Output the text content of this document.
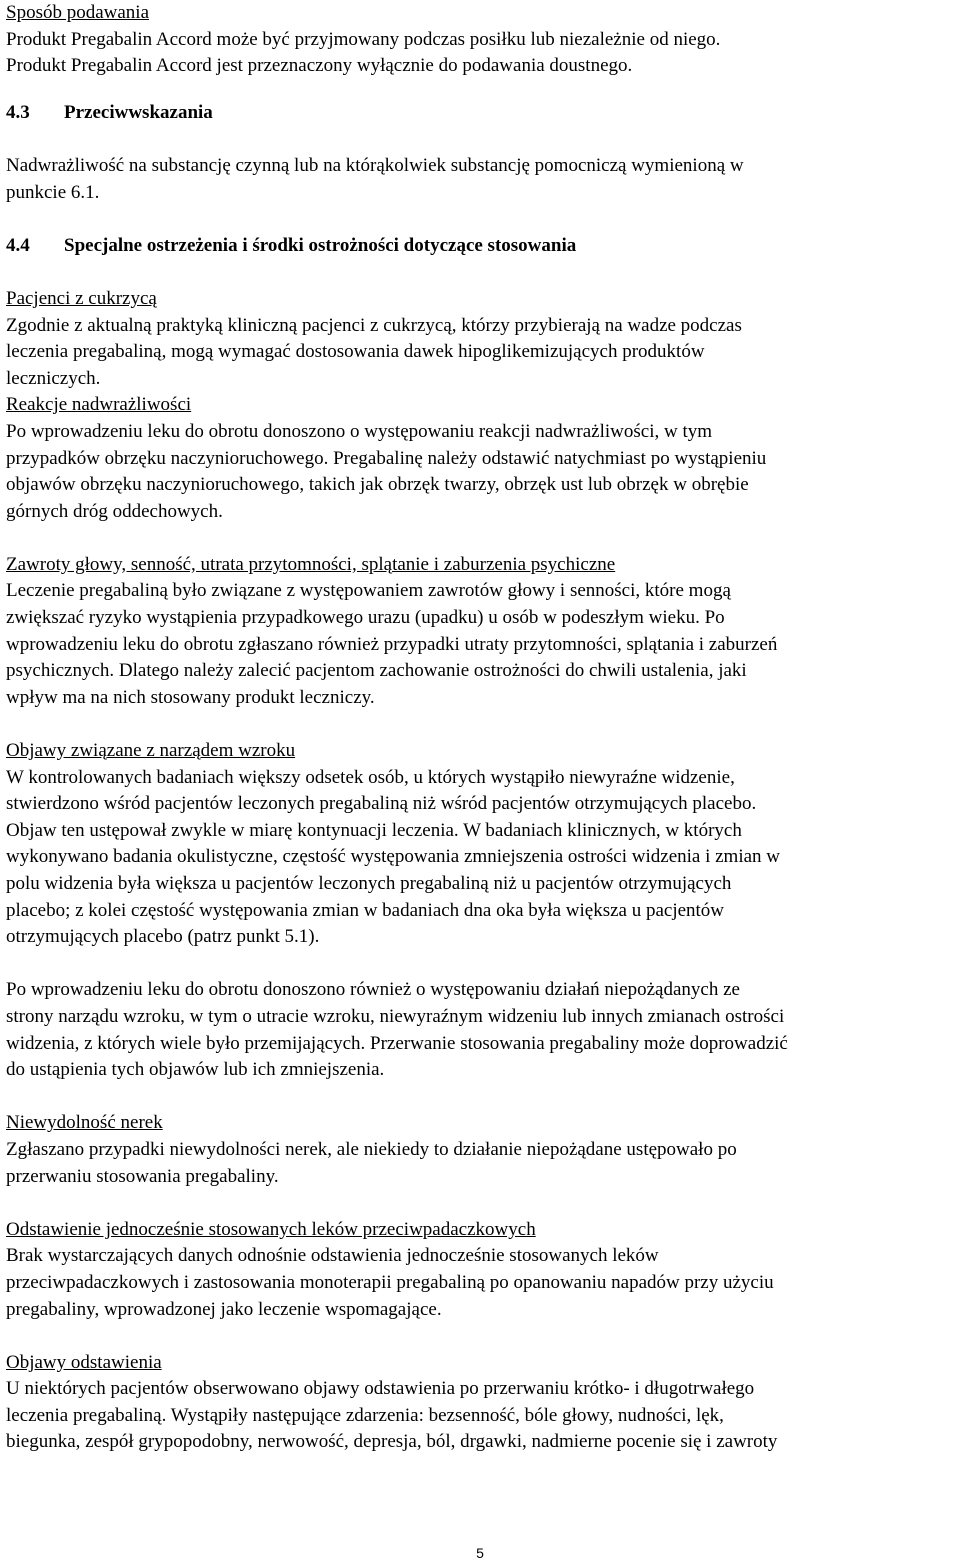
Sposób podawania

Produkt Pregabalin Accord może być przyjmowany podczas posiłku lub niezależnie od niego.

Produkt Pregabalin Accord jest przeznaczony wyłącznie do podawania doustnego.

4.3	Przeciwwskazania

Nadwrażliwość na substancję czynną lub na którąkolwiek substancję pomocniczą wymienioną w

punkcie 6.1.

4.4	Specjalne ostrzeżenia i środki ostrożności dotyczące stosowania

Pacjenci z cukrzycą

Zgodnie z aktualną praktyką kliniczną pacjenci z cukrzycą, którzy przybierają na wadze podczas

leczenia pregabaliną, mogą wymagać dostosowania dawek hipoglikemizujących produktów

leczniczych.

Reakcje nadwrażliwości

Po wprowadzeniu leku do obrotu donoszono o występowaniu reakcji nadwrażliwości, w tym

przypadków obrzęku naczynioruchowego. Pregabalinę należy odstawić natychmiast po wystąpieniu

objawów obrzęku naczynioruchowego, takich jak obrzęk twarzy, obrzęk ust lub obrzęk w obrębie

górnych dróg oddechowych.

Zawroty głowy, senność, utrata przytomności, splątanie i zaburzenia psychiczne

Leczenie pregabaliną było związane z występowaniem zawrotów głowy i senności, które mogą

zwiększać ryzyko wystąpienia przypadkowego urazu (upadku) u osób w podeszłym wieku. Po

wprowadzeniu leku do obrotu zgłaszano również przypadki utraty przytomności, splątania i zaburzeń

psychicznych. Dlatego należy zalecić pacjentom zachowanie ostrożności do chwili ustalenia, jaki

wpływ ma na nich stosowany produkt leczniczy.

Objawy związane z narządem wzroku

W kontrolowanych badaniach większy odsetek osób, u których wystąpiło niewyraźne widzenie,

stwierdzono wśród pacjentów leczonych pregabaliną niż wśród pacjentów otrzymujących placebo.

Objaw ten ustępował zwykle w miarę kontynuacji leczenia. W badaniach klinicznych, w których

wykonywano badania okulistyczne, częstość występowania zmniejszenia ostrości widzenia i zmian w

polu widzenia była większa u pacjentów leczonych pregabaliną niż u pacjentów otrzymujących

placebo; z kolei częstość występowania zmian w badaniach dna oka była większa u pacjentów

otrzymujących placebo (patrz punkt 5.1).

Po wprowadzeniu leku do obrotu donoszono również o występowaniu działań niepożądanych ze

strony narządu wzroku, w tym o utracie wzroku, niewyraźnym widzeniu lub innych zmianach ostrości

widzenia, z których wiele było przemijających. Przerwanie stosowania pregabaliny może doprowadzić

do ustąpienia tych objawów lub ich zmniejszenia.

Niewydolność nerek

Zgłaszano przypadki niewydolności nerek, ale niekiedy to działanie niepożądane ustępowało po

przerwaniu stosowania pregabaliny.

Odstawienie jednocześnie stosowanych leków przeciwpadaczkowych

Brak wystarczających danych odnośnie odstawienia jednocześnie stosowanych leków

przeciwpadaczkowych i zastosowania monoterapii pregabaliną po opanowaniu napadów przy użyciu

pregabaliny, wprowadzonej jako leczenie wspomagające.

Objawy odstawienia

U niektórych pacjentów obserwowano objawy odstawienia po przerwaniu krótko- i długotrwałego

leczenia pregabaliną. Wystąpiły następujące zdarzenia: bezsenność, bóle głowy, nudności, lęk,

biegunka, zespół grypopodobny, nerwowość, depresja, ból, drgawki, nadmierne pocenie się i zawroty

5
